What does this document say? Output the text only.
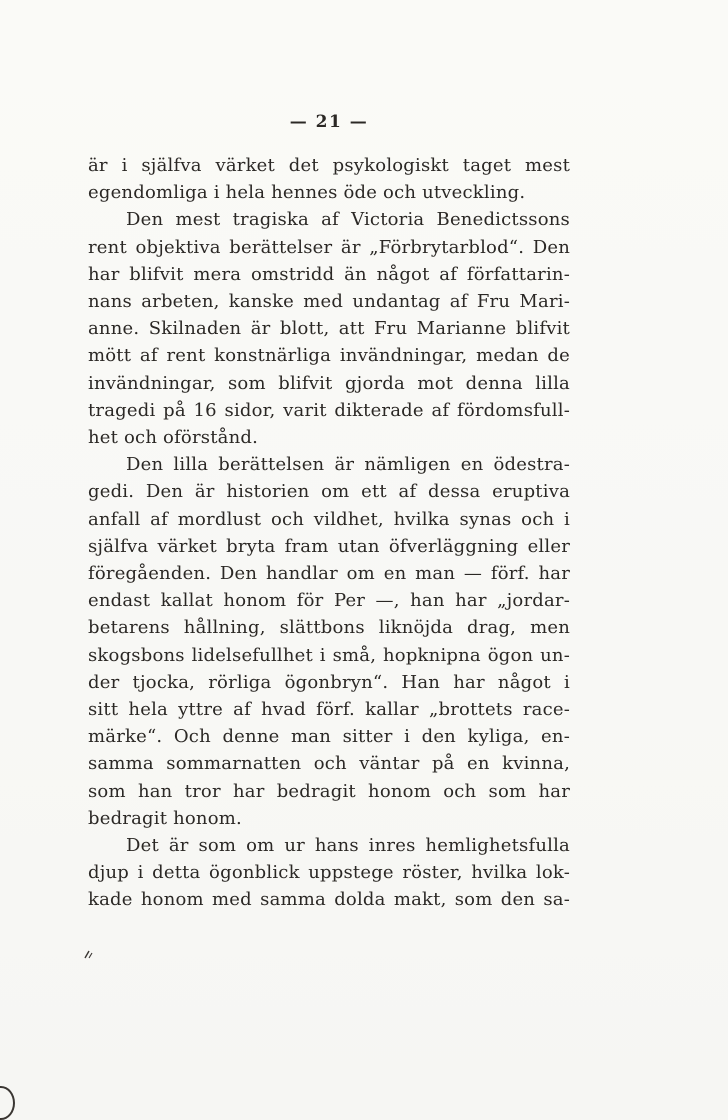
— 21 —
är i själfva värket det psykologiskt taget mest
egendomliga i hela hennes öde och utveckling.
Den mest tragiska af Victoria Benedictssons
rent objektiva berättelser är „Förbrytarblod“. Den
har blifvit mera omstridd än något af författarin-
nans arbeten, kanske med undantag af Fru Mari-
anne. Skilnaden är blott, att Fru Marianne blifvit
mött af rent konstnärliga invändningar, medan de
invändningar, som blifvit gjorda mot denna lilla
tragedi på 16 sidor, varit dikterade af fördomsfull-
het och oförstånd.
Den lilla berättelsen är nämligen en ödestra-
gedi. Den är historien om ett af dessa eruptiva
anfall af mordlust och vildhet, hvilka synas och i
själfva värket bryta fram utan öfverläggning eller
föregåenden. Den handlar om en man — förf. har
endast kallat honom för Per —, han har „jordar-
betarens hållning, slättbons liknöjda drag, men
skogsbons lidelsefullhet i små, hopknipna ögon un-
der tjocka, rörliga ögonbryn“. Han har något i
sitt hela yttre af hvad förf. kallar „brottets race-
märke“. Och denne man sitter i den kyliga, en-
samma sommarnatten och väntar på en kvinna,
som han tror har bedragit honom och som har
bedragit honom.
Det är som om ur hans inres hemlighetsfulla
djup i detta ögonblick uppstege röster, hvilka lok-
kade honom med samma dolda makt, som den sa-
